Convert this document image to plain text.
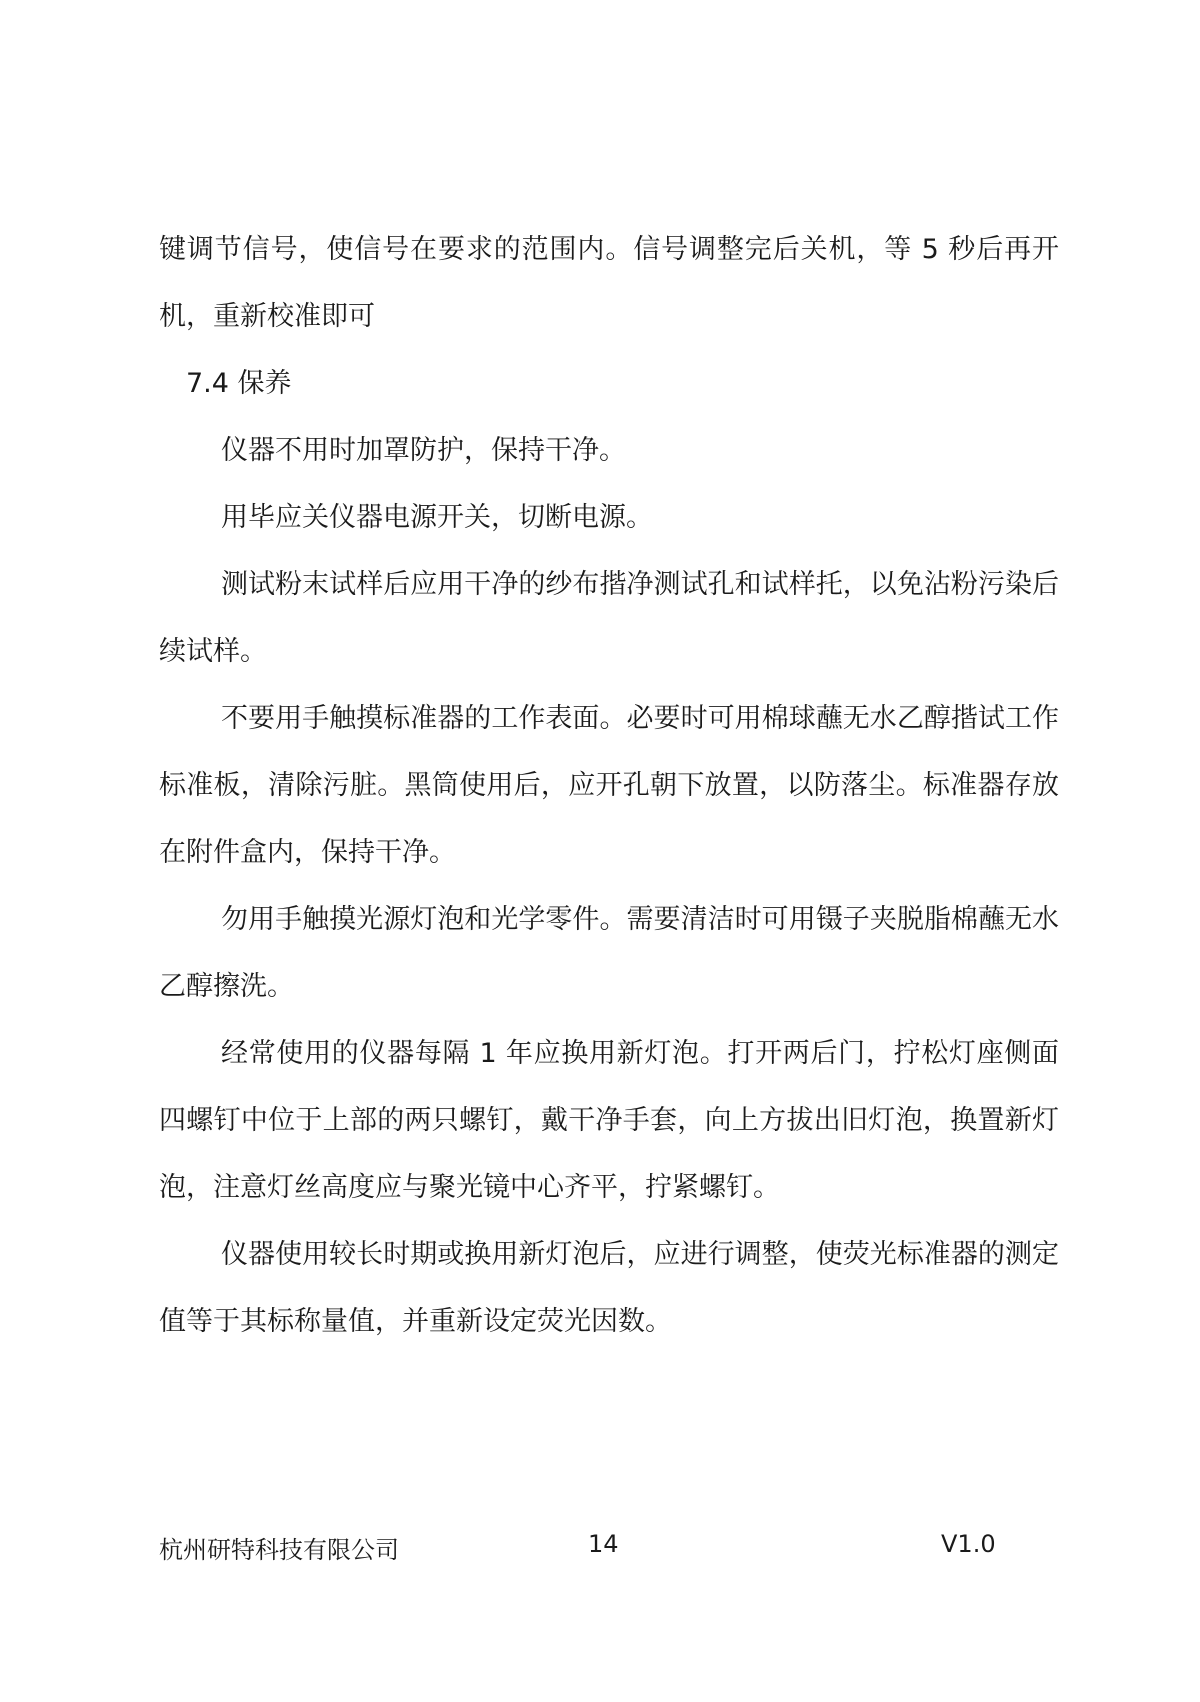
键调节信号，使信号在要求的范围内。信号调整完后关机，等 5 秒后再开机，重新校准即可

7.4 保养

仪器不用时加罩防护，保持干净。

用毕应关仪器电源开关，切断电源。

测试粉末试样后应用干净的纱布揩净测试孔和试样托，以免沾粉污染后续试样。

不要用手触摸标准器的工作表面。必要时可用棉球蘸无水乙醇揩试工作标准板，清除污脏。黑筒使用后，应开孔朝下放置，以防落尘。标准器存放在附件盒内，保持干净。

勿用手触摸光源灯泡和光学零件。需要清洁时可用镊子夹脱脂棉蘸无水乙醇擦洗。

经常使用的仪器每隔 1 年应换用新灯泡。打开两后门，拧松灯座侧面四螺钉中位于上部的两只螺钉，戴干净手套，向上方拔出旧灯泡，换置新灯泡，注意灯丝高度应与聚光镜中心齐平，拧紧螺钉。

仪器使用较长时期或换用新灯泡后，应进行调整，使荧光标准器的测定值等于其标称量值，并重新设定荧光因数。

杭州研特科技有限公司	14	V1.0
